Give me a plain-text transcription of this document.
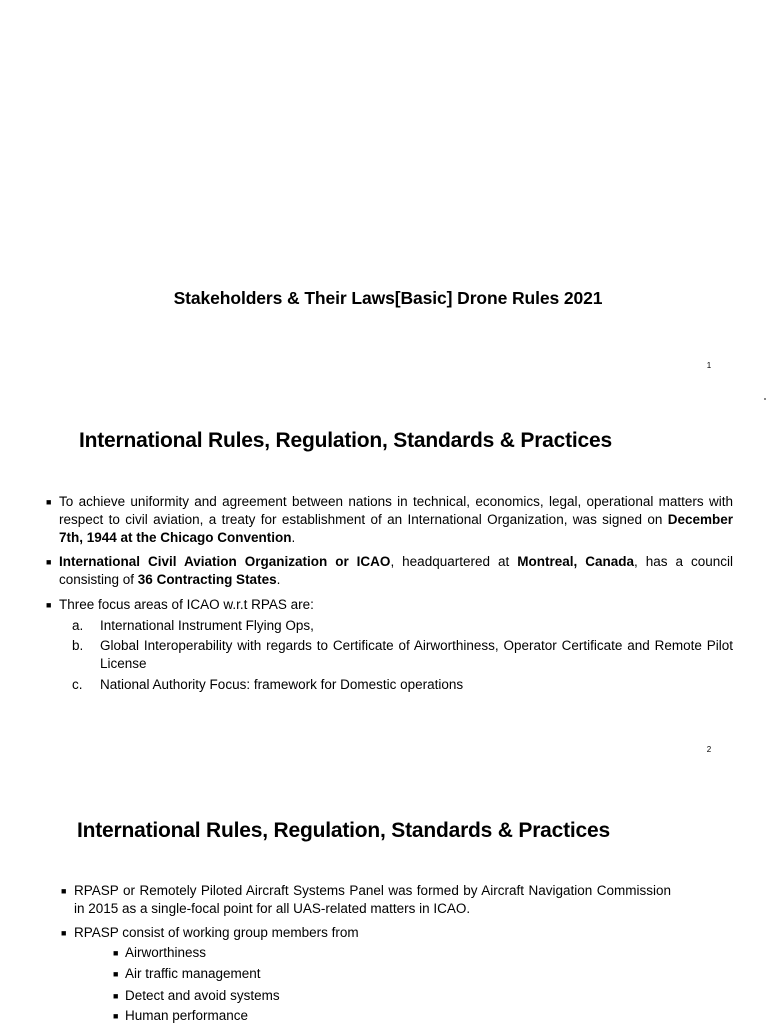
Stakeholders & Their Laws[Basic] Drone Rules 2021
1
International Rules, Regulation, Standards & Practices
■ To achieve uniformity and agreement between nations in technical, economics, legal, operational matters with respect to civil aviation, a treaty for establishment of an International Organization, was signed on December 7th, 1944 at the Chicago Convention.

■ International Civil Aviation Organization or ICAO, headquartered at Montreal, Canada, has a council consisting of 36 Contracting States.

■ Three focus areas of ICAO w.r.t RPAS are:

a. International Instrument Flying Ops,
b. Global Interoperability with regards to Certificate of Airworthiness, Operator Certificate and Remote Pilot License
c. National Authority Focus: framework for Domestic operations
2
International Rules, Regulation, Standards & Practices
■ RPASP or Remotely Piloted Aircraft Systems Panel was formed by Aircraft Navigation Commission in 2015 as a single-focal point for all UAS-related matters in ICAO.

■ RPASP consist of working group members from

■ Airworthiness
■ Air traffic management
■ Detect and avoid systems
■ Human performance
